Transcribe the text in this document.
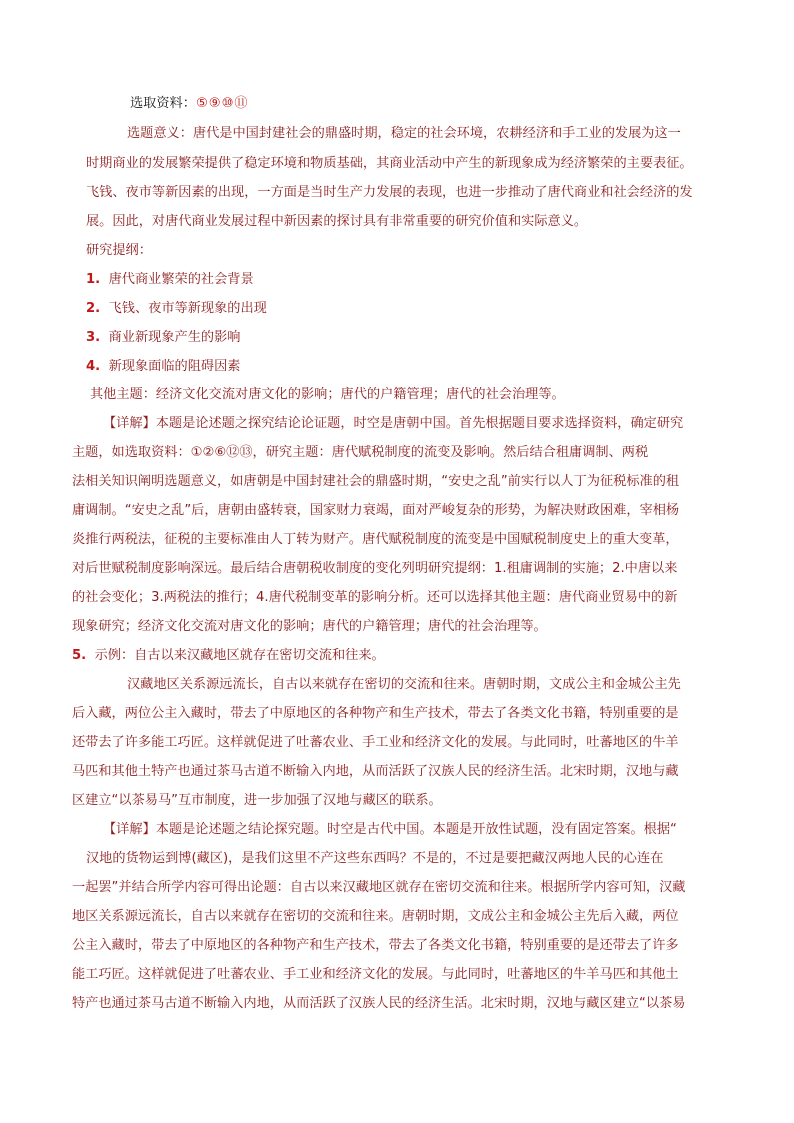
选取资料：⑤⑨⑩⑪

选题意义：唐代是中国封建社会的鼎盛时期，稳定的社会环境，农耕经济和手工业的发展为这一

时期商业的发展繁荣提供了稳定环境和物质基础，其商业活动中产生的新现象成为经济繁荣的主要表征。

飞钱、夜市等新因素的出现，一方面是当时生产力发展的表现，也进一步推动了唐代商业和社会经济的发

展。因此，对唐代商业发展过程中新因素的探讨具有非常重要的研究价值和实际意义。

研究提纲：

1. 唐代商业繁荣的社会背景

2. 飞钱、夜市等新现象的出现

3. 商业新现象产生的影响

4. 新现象面临的阻碍因素

其他主题：经济文化交流对唐文化的影响；唐代的户籍管理；唐代的社会治理等。

【详解】本题是论述题之探究结论论证题，时空是唐朝中国。首先根据题目要求选择资料，确定研究

主题，如选取资料：①②⑥⑫⑬，研究主题：唐代赋税制度的流变及影响。然后结合租庸调制、两税

法相关知识阐明选题意义，如唐朝是中国封建社会的鼎盛时期，“安史之乱”前实行以人丁为征税标准的租

庸调制。“安史之乱”后，唐朝由盛转衰，国家财力衰竭，面对严峻复杂的形势，为解决财政困难，宰相杨

炎推行两税法，征税的主要标准由人丁转为财产。唐代赋税制度的流变是中国赋税制度史上的重大变革，

对后世赋税制度影响深远。最后结合唐朝税收制度的变化列明研究提纲：1.租庸调制的实施；2.中唐以来

的社会变化；3.两税法的推行；4.唐代税制变革的影响分析。还可以选择其他主题：唐代商业贸易中的新

现象研究；经济文化交流对唐文化的影响；唐代的户籍管理；唐代的社会治理等。

5. 示例：自古以来汉藏地区就存在密切交流和往来。

汉藏地区关系源远流长，自古以来就存在密切的交流和往来。唐朝时期，文成公主和金城公主先

后入藏，两位公主入藏时，带去了中原地区的各种物产和生产技术，带去了各类文化书籍，特别重要的是

还带去了许多能工巧匠。这样就促进了吐蕃农业、手工业和经济文化的发展。与此同时，吐蕃地区的牛羊

马匹和其他土特产也通过茶马古道不断输入内地，从而活跃了汉族人民的经济生活。北宋时期，汉地与藏

区建立“以茶易马”互市制度，进一步加强了汉地与藏区的联系。

【详解】本题是论述题之结论探究题。时空是古代中国。本题是开放性试题，没有固定答案。根据“

汉地的货物运到博(藏区)，是我们这里不产这些东西吗？不是的，不过是要把藏汉两地人民的心连在

一起罢”并结合所学内容可得出论题：自古以来汉藏地区就存在密切交流和往来。根据所学内容可知，汉藏

地区关系源远流长，自古以来就存在密切的交流和往来。唐朝时期，文成公主和金城公主先后入藏，两位

公主入藏时，带去了中原地区的各种物产和生产技术，带去了各类文化书籍，特别重要的是还带去了许多

能工巧匠。这样就促进了吐蕃农业、手工业和经济文化的发展。与此同时，吐蕃地区的牛羊马匹和其他土

特产也通过茶马古道不断输入内地，从而活跃了汉族人民的经济生活。北宋时期，汉地与藏区建立“以茶易
